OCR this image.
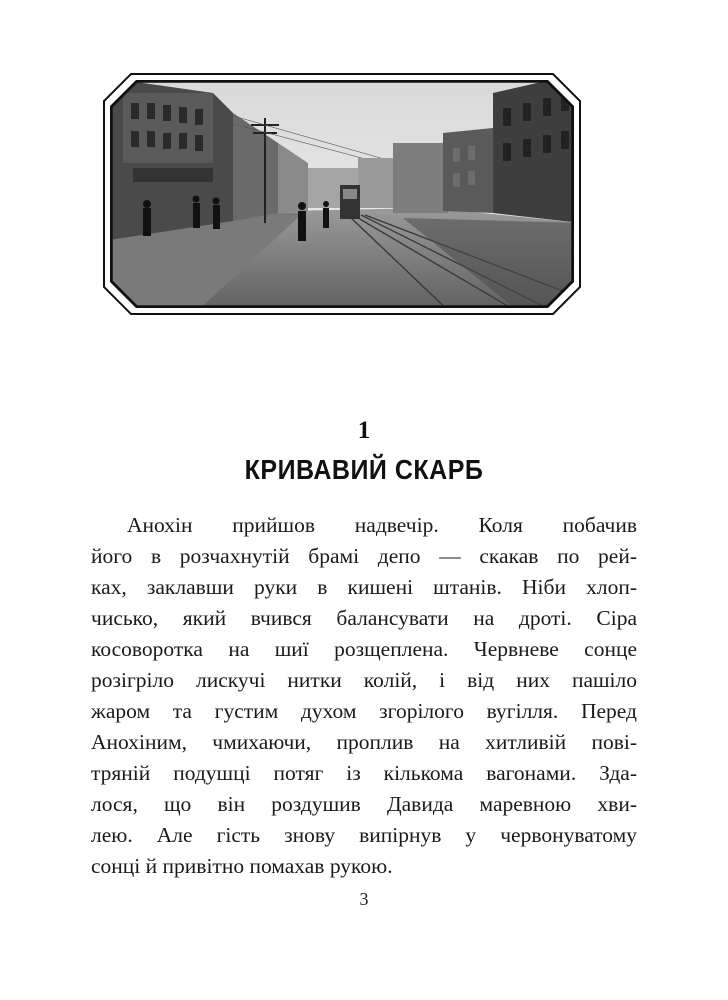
1
КРИВАВИЙ СКАРБ
Анохін прийшов надвечір. Коля побачив
його в розчахнутій брамі депо — скакав по рей-
ках, заклавши руки в кишені штанів. Ніби хлоп-
чисько, який вчився балансувати на дроті. Сіра
косоворотка на шиї розщеплена. Червневе сонце
розігріло лискучі нитки колій, і від них пашіло
жаром та густим духом згорілого вугілля. Перед
Анохіним, чмихаючи, проплив на хитливій пові-
тряній подушці потяг із кількома вагонами. Зда-
лося, що він роздушив Давида маревною хви-
лею. Але гість знову випірнув у червонуватому
сонці й привітно помахав рукою.
3
